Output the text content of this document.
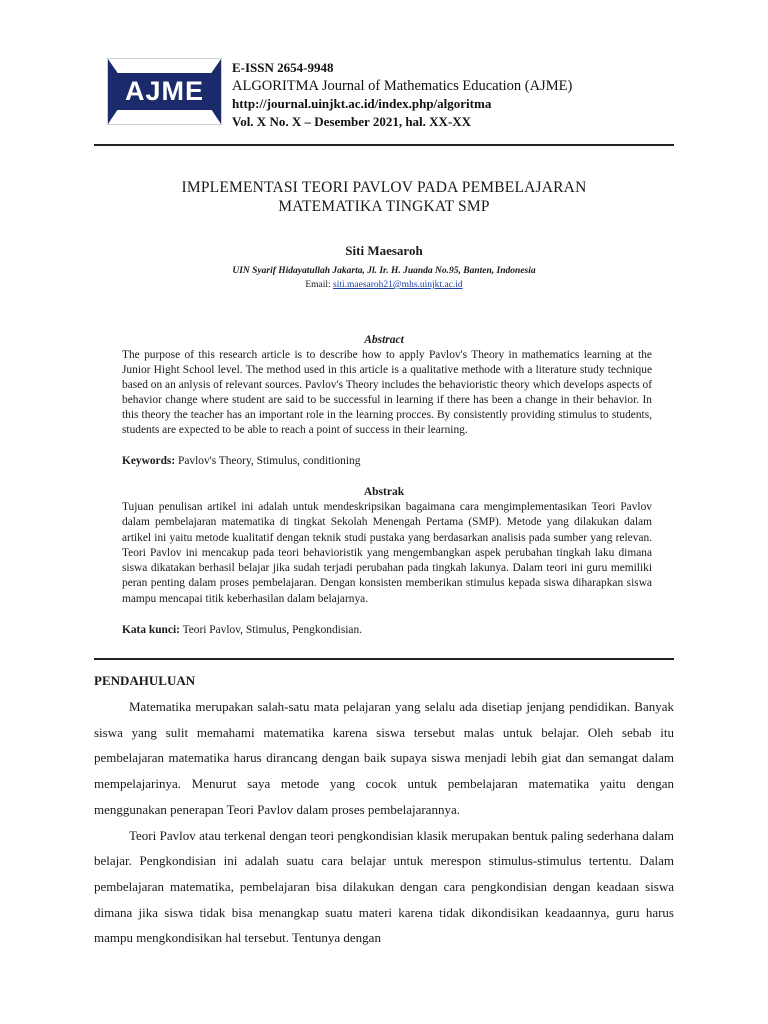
AJME
E-ISSN 2654-9948
ALGORITMA Journal of Mathematics Education (AJME)
http://journal.uinjkt.ac.id/index.php/algoritma
Vol. X No. X – Desember 2021, hal. XX-XX
IMPLEMENTASI TEORI PAVLOV PADA PEMBELAJARAN
MATEMATIKA TINGKAT SMP
Siti Maesaroh
UIN Syarif Hidayatullah Jakarta, Jl. Ir. H. Juanda No.95, Banten, Indonesia
Email: siti.maesaroh21@mhs.uinjkt.ac.id
Abstract
The purpose of this research article is to describe how to apply Pavlov's Theory in mathematics learning at the Junior Hight School level. The method used in this article is a qualitative methode with a literature study technique based on an anlysis of relevant sources. Pavlov's Theory includes the behavioristic theory which develops aspects of behavior change where student are said to be successful in learning if there has been a change in their behavior. In this theory the teacher has an important role in the learning procces. By consistently providing stimulus to students, students are expected to be able to reach a point of success in their learning.
Keywords: Pavlov's Theory, Stimulus, conditioning
Abstrak
Tujuan penulisan artikel ini adalah untuk mendeskripsikan bagaimana cara mengimplementasikan Teori Pavlov dalam pembelajaran matematika di tingkat Sekolah Menengah Pertama (SMP). Metode yang dilakukan dalam artikel ini yaitu metode kualitatif dengan teknik studi pustaka yang berdasarkan analisis pada sumber yang relevan. Teori Pavlov ini mencakup pada teori behavioristik yang mengembangkan aspek perubahan tingkah laku dimana siswa dikatakan berhasil belajar jika sudah terjadi perubahan pada tingkah lakunya. Dalam teori ini guru memiliki peran penting dalam proses pembelajaran. Dengan konsisten memberikan stimulus kepada siswa diharapkan siswa mampu mencapai titik keberhasilan dalam belajarnya.
Kata kunci: Teori Pavlov, Stimulus, Pengkondisian.
PENDAHULUAN

Matematika merupakan salah-satu mata pelajaran yang selalu ada disetiap jenjang pendidikan. Banyak siswa yang sulit memahami matematika karena siswa tersebut malas untuk belajar. Oleh sebab itu pembelajaran matematika harus dirancang dengan baik supaya siswa menjadi lebih giat dan semangat dalam mempelajarinya. Menurut saya metode yang cocok untuk pembelajaran matematika yaitu dengan menggunakan penerapan Teori Pavlov dalam proses pembelajarannya.

Teori Pavlov atau terkenal dengan teori pengkondisian klasik merupakan bentuk paling sederhana dalam belajar. Pengkondisian ini adalah suatu cara belajar untuk merespon stimulus-stimulus tertentu. Dalam pembelajaran matematika, pembelajaran bisa dilakukan dengan cara pengkondisian dengan keadaan siswa dimana jika siswa tidak bisa menangkap suatu materi karena tidak dikondisikan keadaannya, guru harus mampu mengkondisikan hal tersebut. Tentunya dengan
